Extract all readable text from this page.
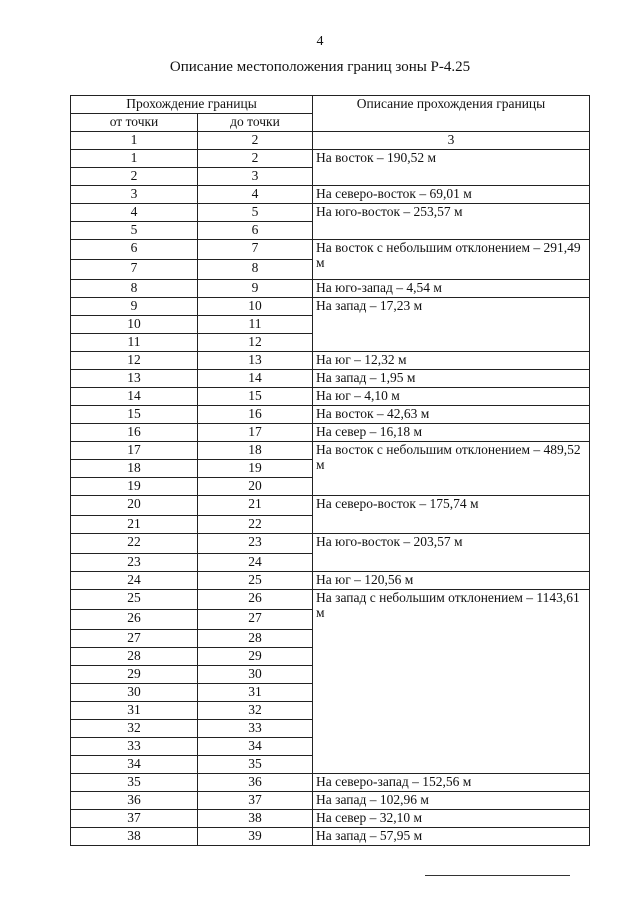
4
Описание местоположения границ зоны Р-4.25
Прохождение границы		Описание прохождения границы
от точки	до точки	
1	2	3
1	2	На восток – 190,52 м
2	3	
3	4	На северо-восток – 69,01 м
4	5	На юго-восток – 253,57 м
5	6	
6	7	На восток с небольшим отклонением – 291,49 м
7	8	
8	9	На юго-запад – 4,54 м
9	10	На запад – 17,23 м
10	11	
11	12	
12	13	На юг – 12,32 м
13	14	На запад – 1,95 м
14	15	На юг – 4,10 м
15	16	На восток – 42,63 м
16	17	На север – 16,18 м
17	18	На восток с небольшим отклонением – 489,52 м
18	19	
19	20	
20	21	На северо-восток – 175,74 м
21	22	
22	23	На юго-восток – 203,57 м
23	24	
24	25	На юг – 120,56 м
25	26	На запад с небольшим отклонением – 1143,61 м
26	27	
27	28	
28	29	
29	30	
30	31	
31	32	
32	33	
33	34	
34	35	
35	36	На северо-запад – 152,56 м
36	37	На запад – 102,96 м
37	38	На север – 32,10 м
38	39	На запад – 57,95 м
